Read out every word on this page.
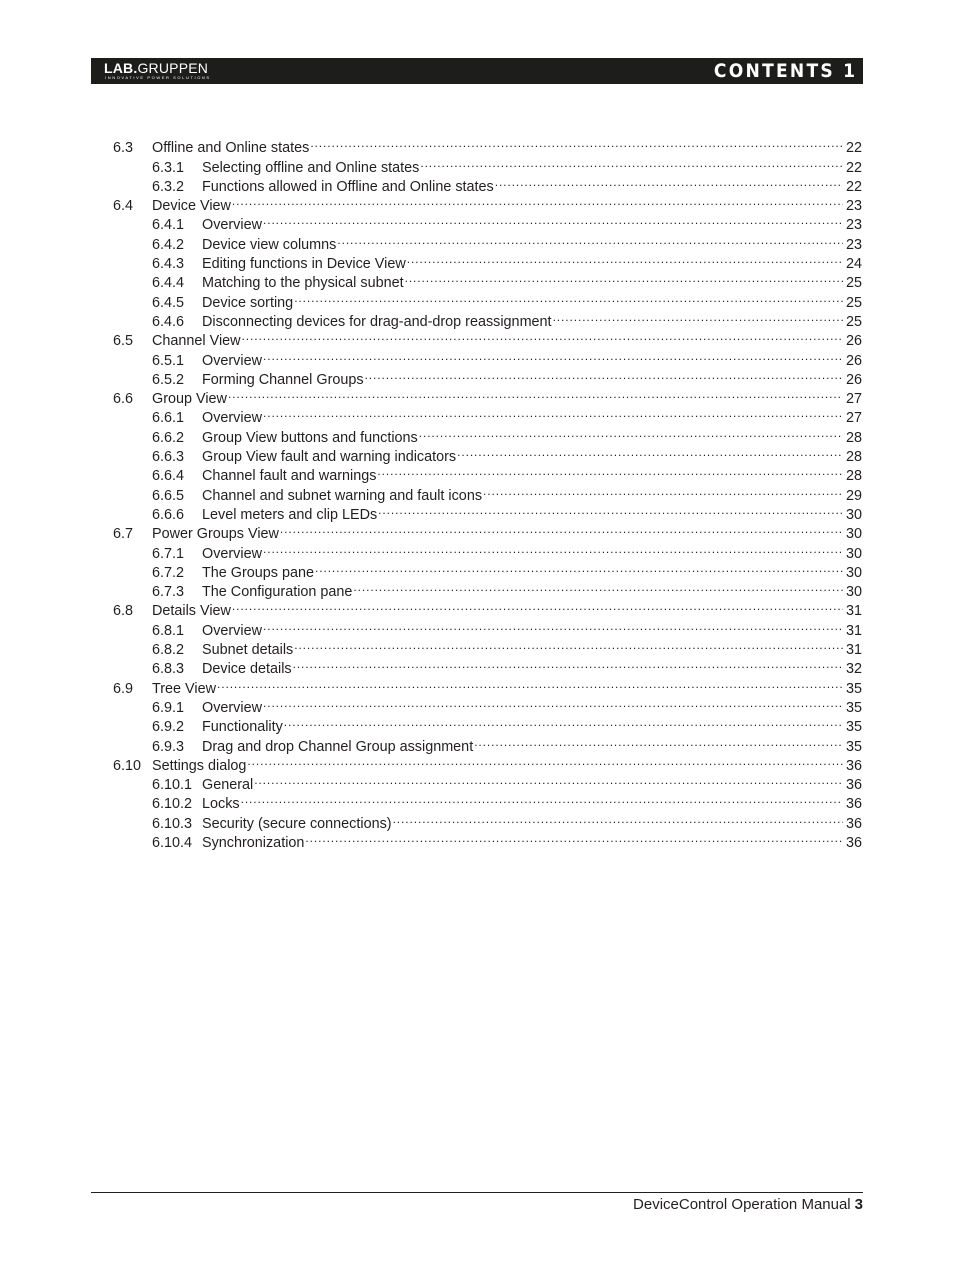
LAB.GRUPPEN
INNOVATIVE POWER SOLUTIONS	CONTENTS 1
6.3	Offline and Online states .....	22
6.3.1	Selecting offline and Online states .....	22
6.3.2	Functions allowed in Offline and Online states .....	22
6.4	Device View .....	23
6.4.1	Overview .....	23
6.4.2	Device view columns .....	23
6.4.3	Editing functions in Device View .....	24
6.4.4	Matching to the physical subnet .....	25
6.4.5	Device sorting .....	25
6.4.6	Disconnecting devices for drag-and-drop reassignment .....	25
6.5	Channel View .....	26
6.5.1	Overview .....	26
6.5.2	Forming Channel Groups .....	26
6.6	Group View .....	27
6.6.1	Overview .....	27
6.6.2	Group View buttons and functions .....	28
6.6.3	Group View fault and warning indicators .....	28
6.6.4	Channel fault and warnings .....	28
6.6.5	Channel and subnet warning and fault icons .....	29
6.6.6	Level meters and clip LEDs .....	30
6.7	Power Groups View .....	30
6.7.1	Overview .....	30
6.7.2	The Groups pane .....	30
6.7.3	The Configuration pane .....	30
6.8	Details View .....	31
6.8.1	Overview .....	31
6.8.2	Subnet details .....	31
6.8.3	Device details .....	32
6.9	Tree View .....	35
6.9.1	Overview .....	35
6.9.2	Functionality .....	35
6.9.3	Drag and drop Channel Group assignment .....	35
6.10 Settings dialog .....	36
6.10.1 General .....	36
6.10.2 Locks .....	36
6.10.3 Security (secure connections) .....	36
6.10.4 Synchronization .....	36
DeviceControl Operation Manual 3
